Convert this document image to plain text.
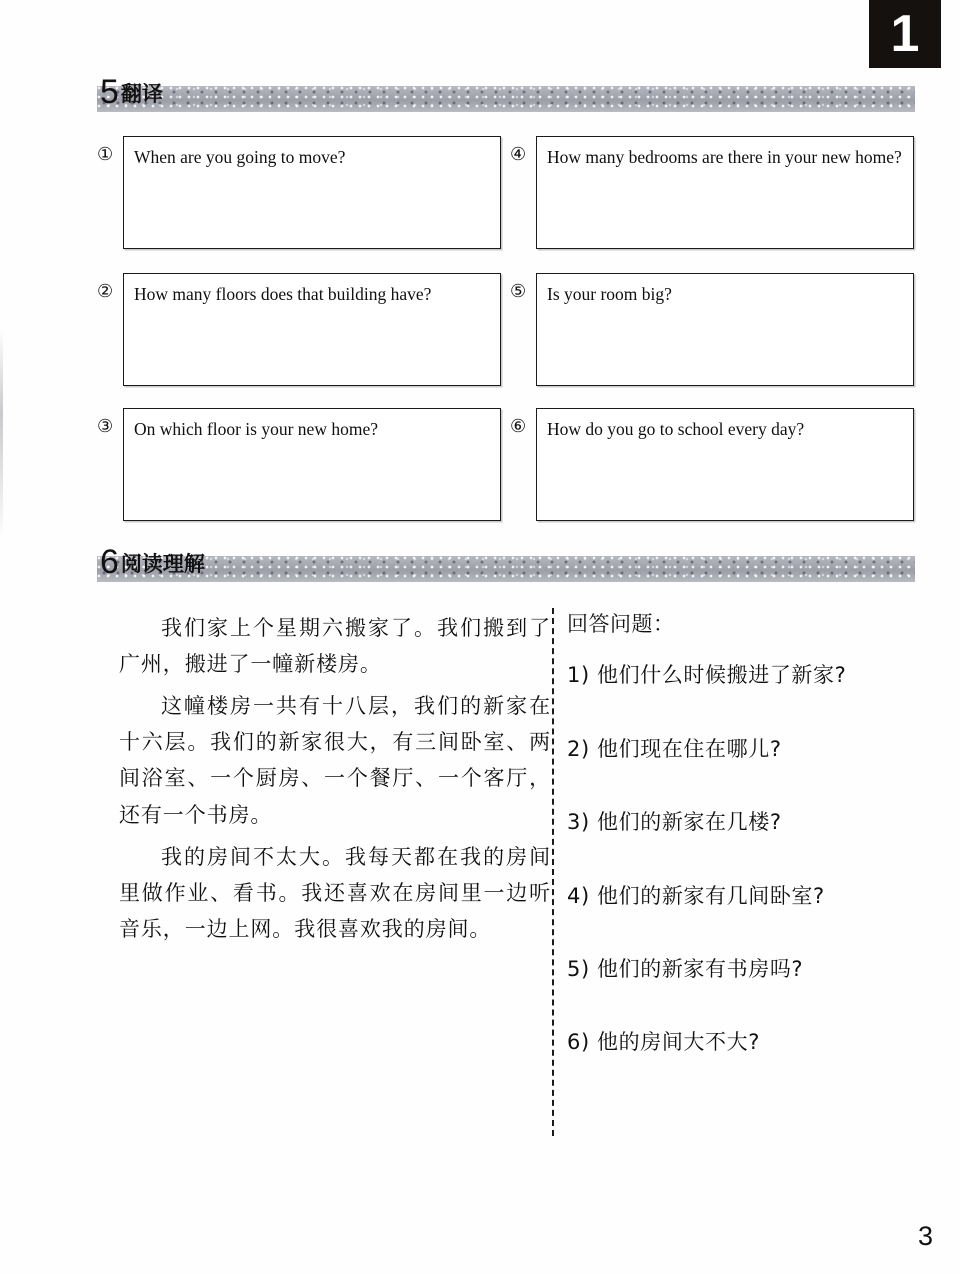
1
5 翻译
①	When are you going to move?
②	How many floors does that building have?
③	On which floor is your new home?
④	How many bedrooms are there in your new home?
⑤	Is your room big?
⑥	How do you go to school every day?
6 阅读理解

我们家上个星期六搬家了。我们搬到了广州，搬进了一幢新楼房。

这幢楼房一共有十八层，我们的新家在十六层。我们的新家很大，有三间卧室、两间浴室、一个厨房、一个餐厅、一个客厅，还有一个书房。

我的房间不太大。我每天都在我的房间里做作业、看书。我还喜欢在房间里一边听音乐，一边上网。我很喜欢我的房间。

回答问题：
1) 他们什么时候搬进了新家?
2) 他们现在住在哪儿?
3) 他们的新家在几楼?
4) 他们的新家有几间卧室?
5) 他们的新家有书房吗?
6) 他的房间大不大?
3
